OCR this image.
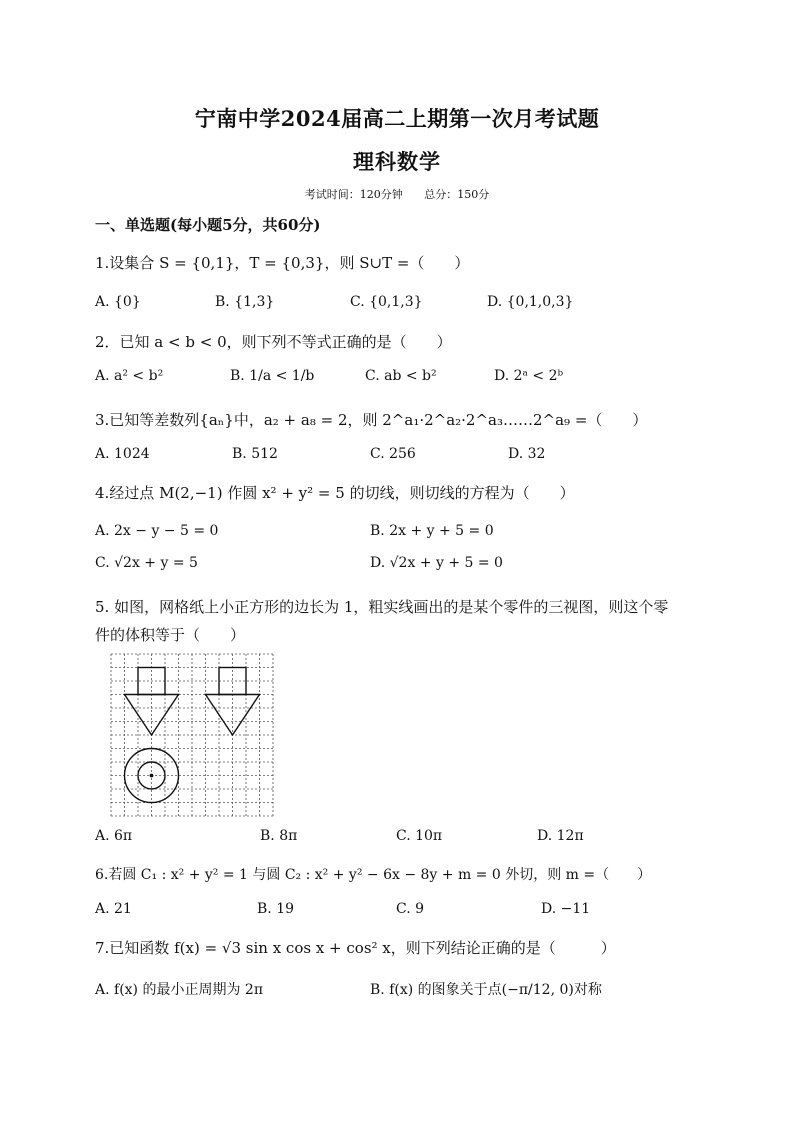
宁南中学2024届高二上期第一次月考试题
理科数学
考试时间：120分钟 总分：150分
一、单选题(每小题5分，共60分)
1.设集合 S = {0,1}，T = {0,3}，则 S∪T =（　　）
A. {0}	B. {1,3}	C. {0,1,3}	D. {0,1,0,3}
2．已知 a < b < 0，则下列不等式正确的是（　　）
A. a² < b²	B. 1/a < 1/b	C. ab < b²	D. 2ᵃ < 2ᵇ
3.已知等差数列{aₙ}中，a₂ + a₈ = 2，则 2^a₁·2^a₂·2^a₃……2^a₉ =（　　）
A. 1024	B. 512	C. 256	D. 32
4.经过点 M(2,−1) 作圆 x² + y² = 5 的切线，则切线的方程为（　　）
A. 2x − y − 5 = 0	B. 2x + y + 5 = 0
C. √2x + y = 5	D. √2x + y + 5 = 0
5. 如图，网格纸上小正方形的边长为 1，粗实线画出的是某个零件的三视图，则这个零
件的体积等于（　　）
A. 6π	B. 8π	C. 10π	D. 12π
6.若圆 C₁ : x² + y² = 1 与圆 C₂ : x² + y² − 6x − 8y + m = 0 外切，则 m =（　　）
A. 21	B. 19	C. 9	D. −11
7.已知函数 f(x) = √3 sin x cos x + cos² x，则下列结论正确的是（　　　）
A. f(x) 的最小正周期为 2π	B. f(x) 的图象关于点(−π/12, 0)对称
